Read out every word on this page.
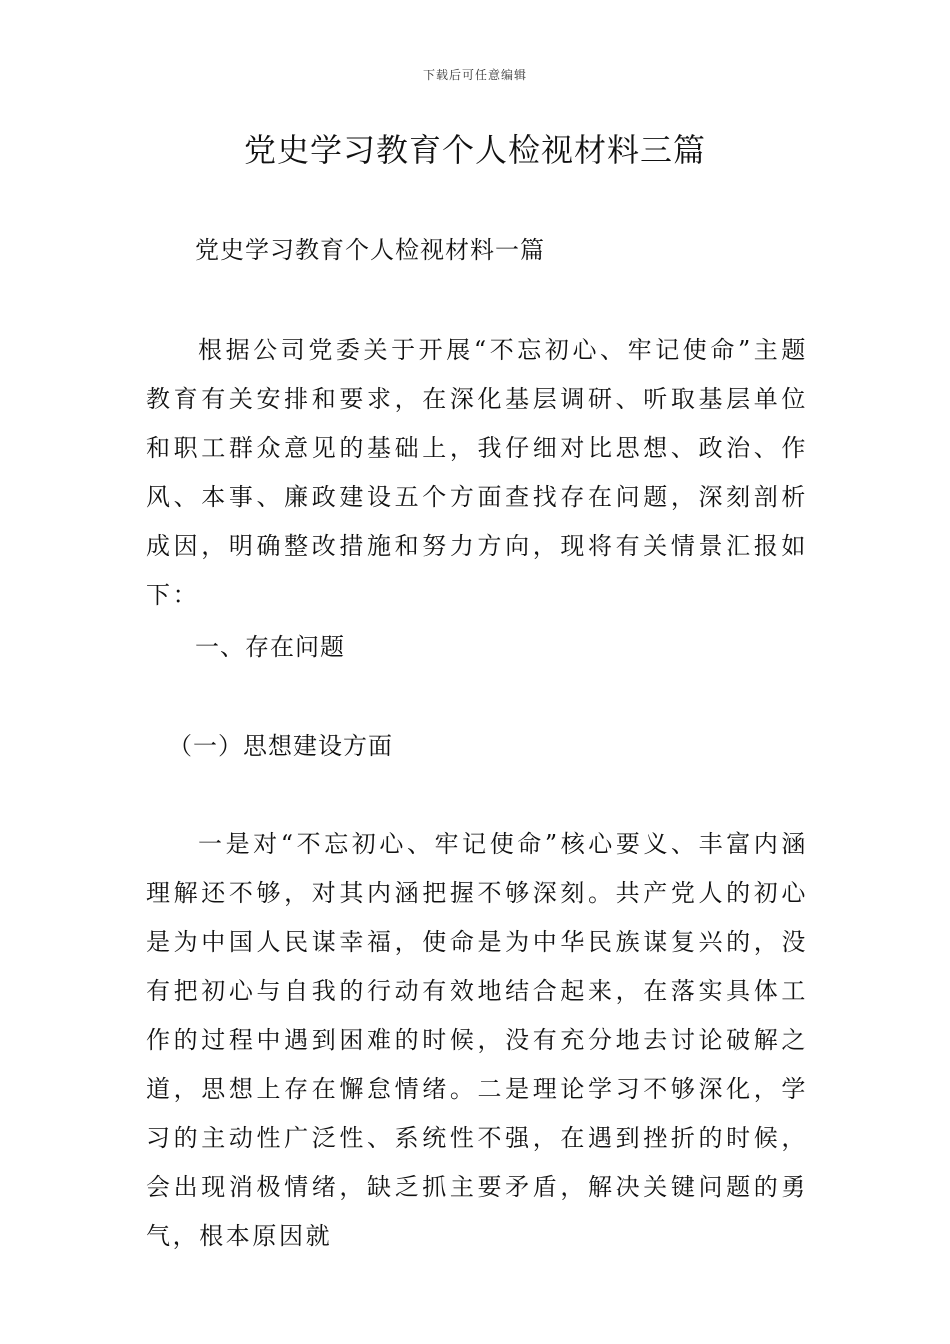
下载后可任意编辑
党史学习教育个人检视材料三篇

党史学习教育个人检视材料一篇

根据公司党委关于开展“不忘初心、牢记使命”主题教育有关安排和要求，在深化基层调研、听取基层单位和职工群众意见的基础上，我仔细对比思想、政治、作风、本事、廉政建设五个方面查找存在问题，深刻剖析成因，明确整改措施和努力方向，现将有关情景汇报如下：

一、存在问题

（一）思想建设方面

一是对“不忘初心、牢记使命”核心要义、丰富内涵理解还不够，对其内涵把握不够深刻。共产党人的初心是为中国人民谋幸福，使命是为中华民族谋复兴的，没有把初心与自我的行动有效地结合起来，在落实具体工作的过程中遇到困难的时候，没有充分地去讨论破解之道，思想上存在懈怠情绪。二是理论学习不够深化，学习的主动性广泛性、系统性不强，在遇到挫折的时候，会出现消极情绪，缺乏抓主要矛盾，解决关键问题的勇气，根本原因就
